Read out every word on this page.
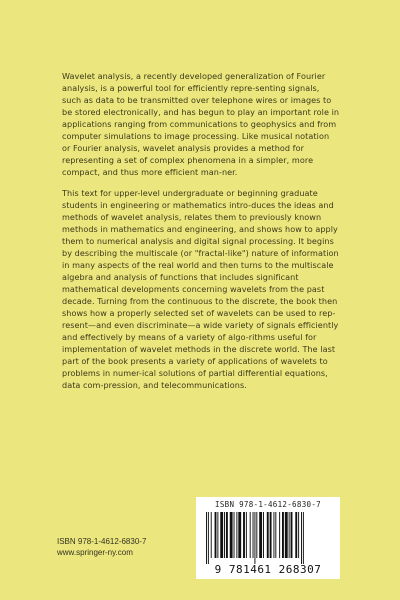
Wavelet analysis, a recently developed generalization of Fourier analysis, is a powerful tool for efficiently repre-senting signals, such as data to be transmitted over telephone wires or images to be stored electronically, and has begun to play an important role in applications ranging from communications to geophysics and from computer simulations to image processing. Like musical notation or Fourier analysis, wavelet analysis provides a method for representing a set of complex phenomena in a simpler, more compact, and thus more efficient man-ner.

This text for upper-level undergraduate or beginning graduate students in engineering or mathematics intro-duces the ideas and methods of wavelet analysis, relates them to previously known methods in mathematics and engineering, and shows how to apply them to numerical analysis and digital signal processing. It begins by describing the multiscale (or "fractal-like") nature of information in many aspects of the real world and then turns to the multiscale algebra and analysis of functions that includes significant mathematical developments concerning wavelets from the past decade. Turning from the continuous to the discrete, the book then shows how a properly selected set of wavelets can be used to rep-resent—and even discriminate—a wide variety of signals efficiently and effectively by means of a variety of algo-rithms useful for implementation of wavelet methods in the discrete world. The last part of the book presents a variety of applications of wavelets to problems in numer-ical solutions of partial differential equations, data com-pression, and telecommunications.

ISBN 978-1-4612-6830-7
www.springer-ny.com
ISBN 978-1-4612-6830-7
9 781461 268307
